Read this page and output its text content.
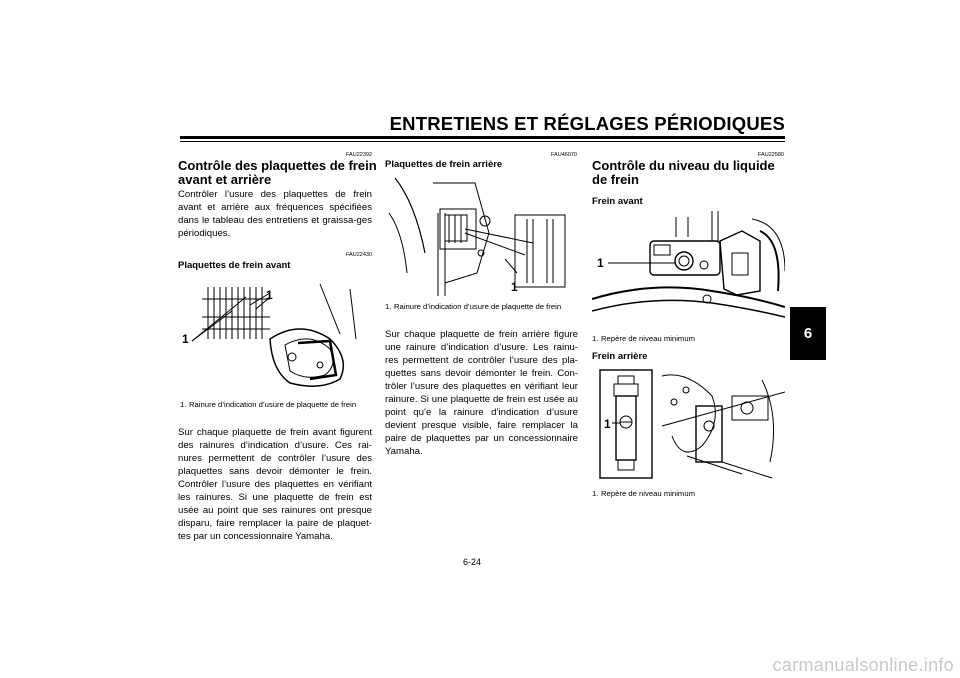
ENTRETIENS ET RÉGLAGES PÉRIODIQUES
6
FAU22392
Contrôle des plaquettes de frein avant et arrière

Contrôler l’usure des plaquettes de frein avant et arrière aux fréquences spécifiées dans le tableau des entretiens et graissa-ges périodiques.

FAU22430
Plaquettes de frein avant
1
1

1. Rainure d’indication d’usure de plaquette de frein

Sur chaque plaquette de frein avant figurent des rainures d’indication d’usure. Ces rai-nures permettent de contrôler l’usure des plaquettes sans devoir démonter le frein. Contrôler l’usure des plaquettes en vérifiant les rainures. Si une plaquette de frein est usée au point que ses rainures ont presque disparu, faire remplacer la paire de plaquet-tes par un concessionnaire Yamaha.

FAU46070
Plaquettes de frein arrière
1

1. Rainure d’indication d’usure de plaquette de frein

Sur chaque plaquette de frein arrière figure une rainure d’indication d’usure. Les rainu-res permettent de contrôler l’usure des pla-quettes sans devoir démonter le frein. Con-trôler l’usure des plaquettes en vérifiant leur rainure. Si une plaquette de frein est usée au point qu’e la rainure d’indication d’usure devient presque visible, faire remplacer la paire de plaquettes par un concessionnaire Yamaha.

FAU22580
Contrôle du niveau du liquide de frein
Frein avant
1

1. Repère de niveau minimum

Frein arrière
1

1. Repère de niveau minimum

6-24
carmanualsonline.info
